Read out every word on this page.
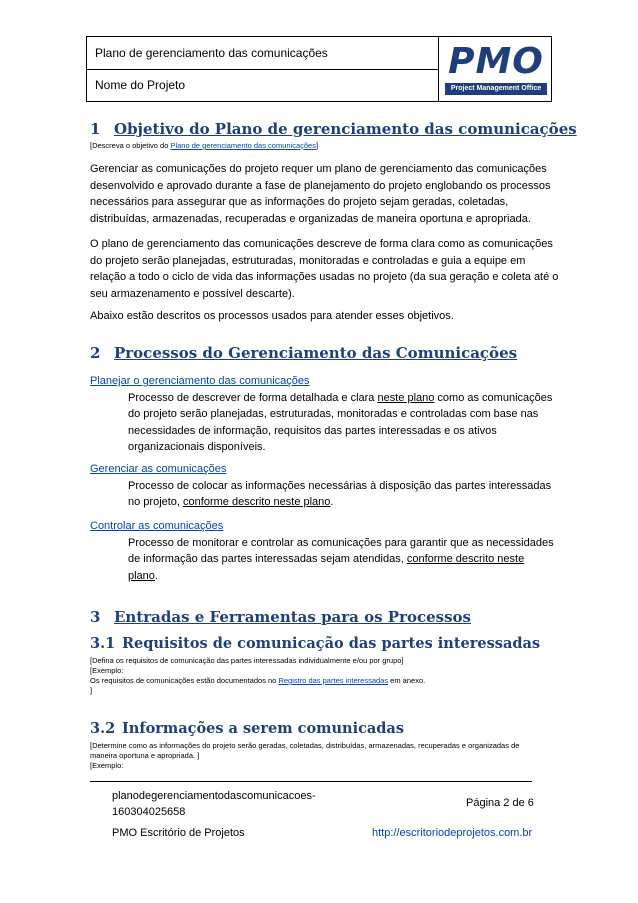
Plano de gerenciamento das comunicações
Nome do Projeto
PMO
Project Management Office
1 Objetivo do Plano de gerenciamento das comunicações
[Descreva o objetivo do Plano de gerenciamento das comunicações]
Gerenciar as comunicações do projeto requer um plano de gerenciamento das comunicações
desenvolvido e aprovado durante a fase de planejamento do projeto englobando os processos
necessários para assegurar que as informações do projeto sejam geradas, coletadas,
distribuídas, armazenadas, recuperadas e organizadas de maneira oportuna e apropriada.
O plano de gerenciamento das comunicações descreve de forma clara como as comunicações
do projeto serão planejadas, estruturadas, monitoradas e controladas e guia a equipe em
relação a todo o ciclo de vida das informações usadas no projeto (da sua geração e coleta até o
seu armazenamento e possível descarte).
Abaixo estão descritos os processos usados para atender esses objetivos.
2 Processos do Gerenciamento das Comunicações
Planejar o gerenciamento das comunicações
Processo de descrever de forma detalhada e clara neste plano como as comunicações
do projeto serão planejadas, estruturadas, monitoradas e controladas com base nas
necessidades de informação, requisitos das partes interessadas e os ativos
organizacionais disponíveis.
Gerenciar as comunicações
Processo de colocar as informações necessárias à disposição das partes interessadas
no projeto, conforme descrito neste plano.
Controlar as comunicações
Processo de monitorar e controlar as comunicações para garantir que as necessidades
de informação das partes interessadas sejam atendidas, conforme descrito neste
plano.
3 Entradas e Ferramentas para os Processos
3.1 Requisitos de comunicação das partes interessadas
[Defina os requisitos de comunicação das partes interessadas individualmente e/ou por grupo]
[Exemplo:
Os requisitos de comunicações estão documentados no Registro das partes interessadas em anexo.
]
3.2 Informações a serem comunicadas
[Determine como as informações do projeto serão geradas, coletadas, distribuídas, armazenadas, recuperadas e organizadas de
maneira oportuna e apropriada. ]
[Exemplo:
planodegerenciamentodascomunicacoes-
160304025658
Página 2 de 6
PMO Escritório de Projetos	http://escritoriodeprojetos.com.br
